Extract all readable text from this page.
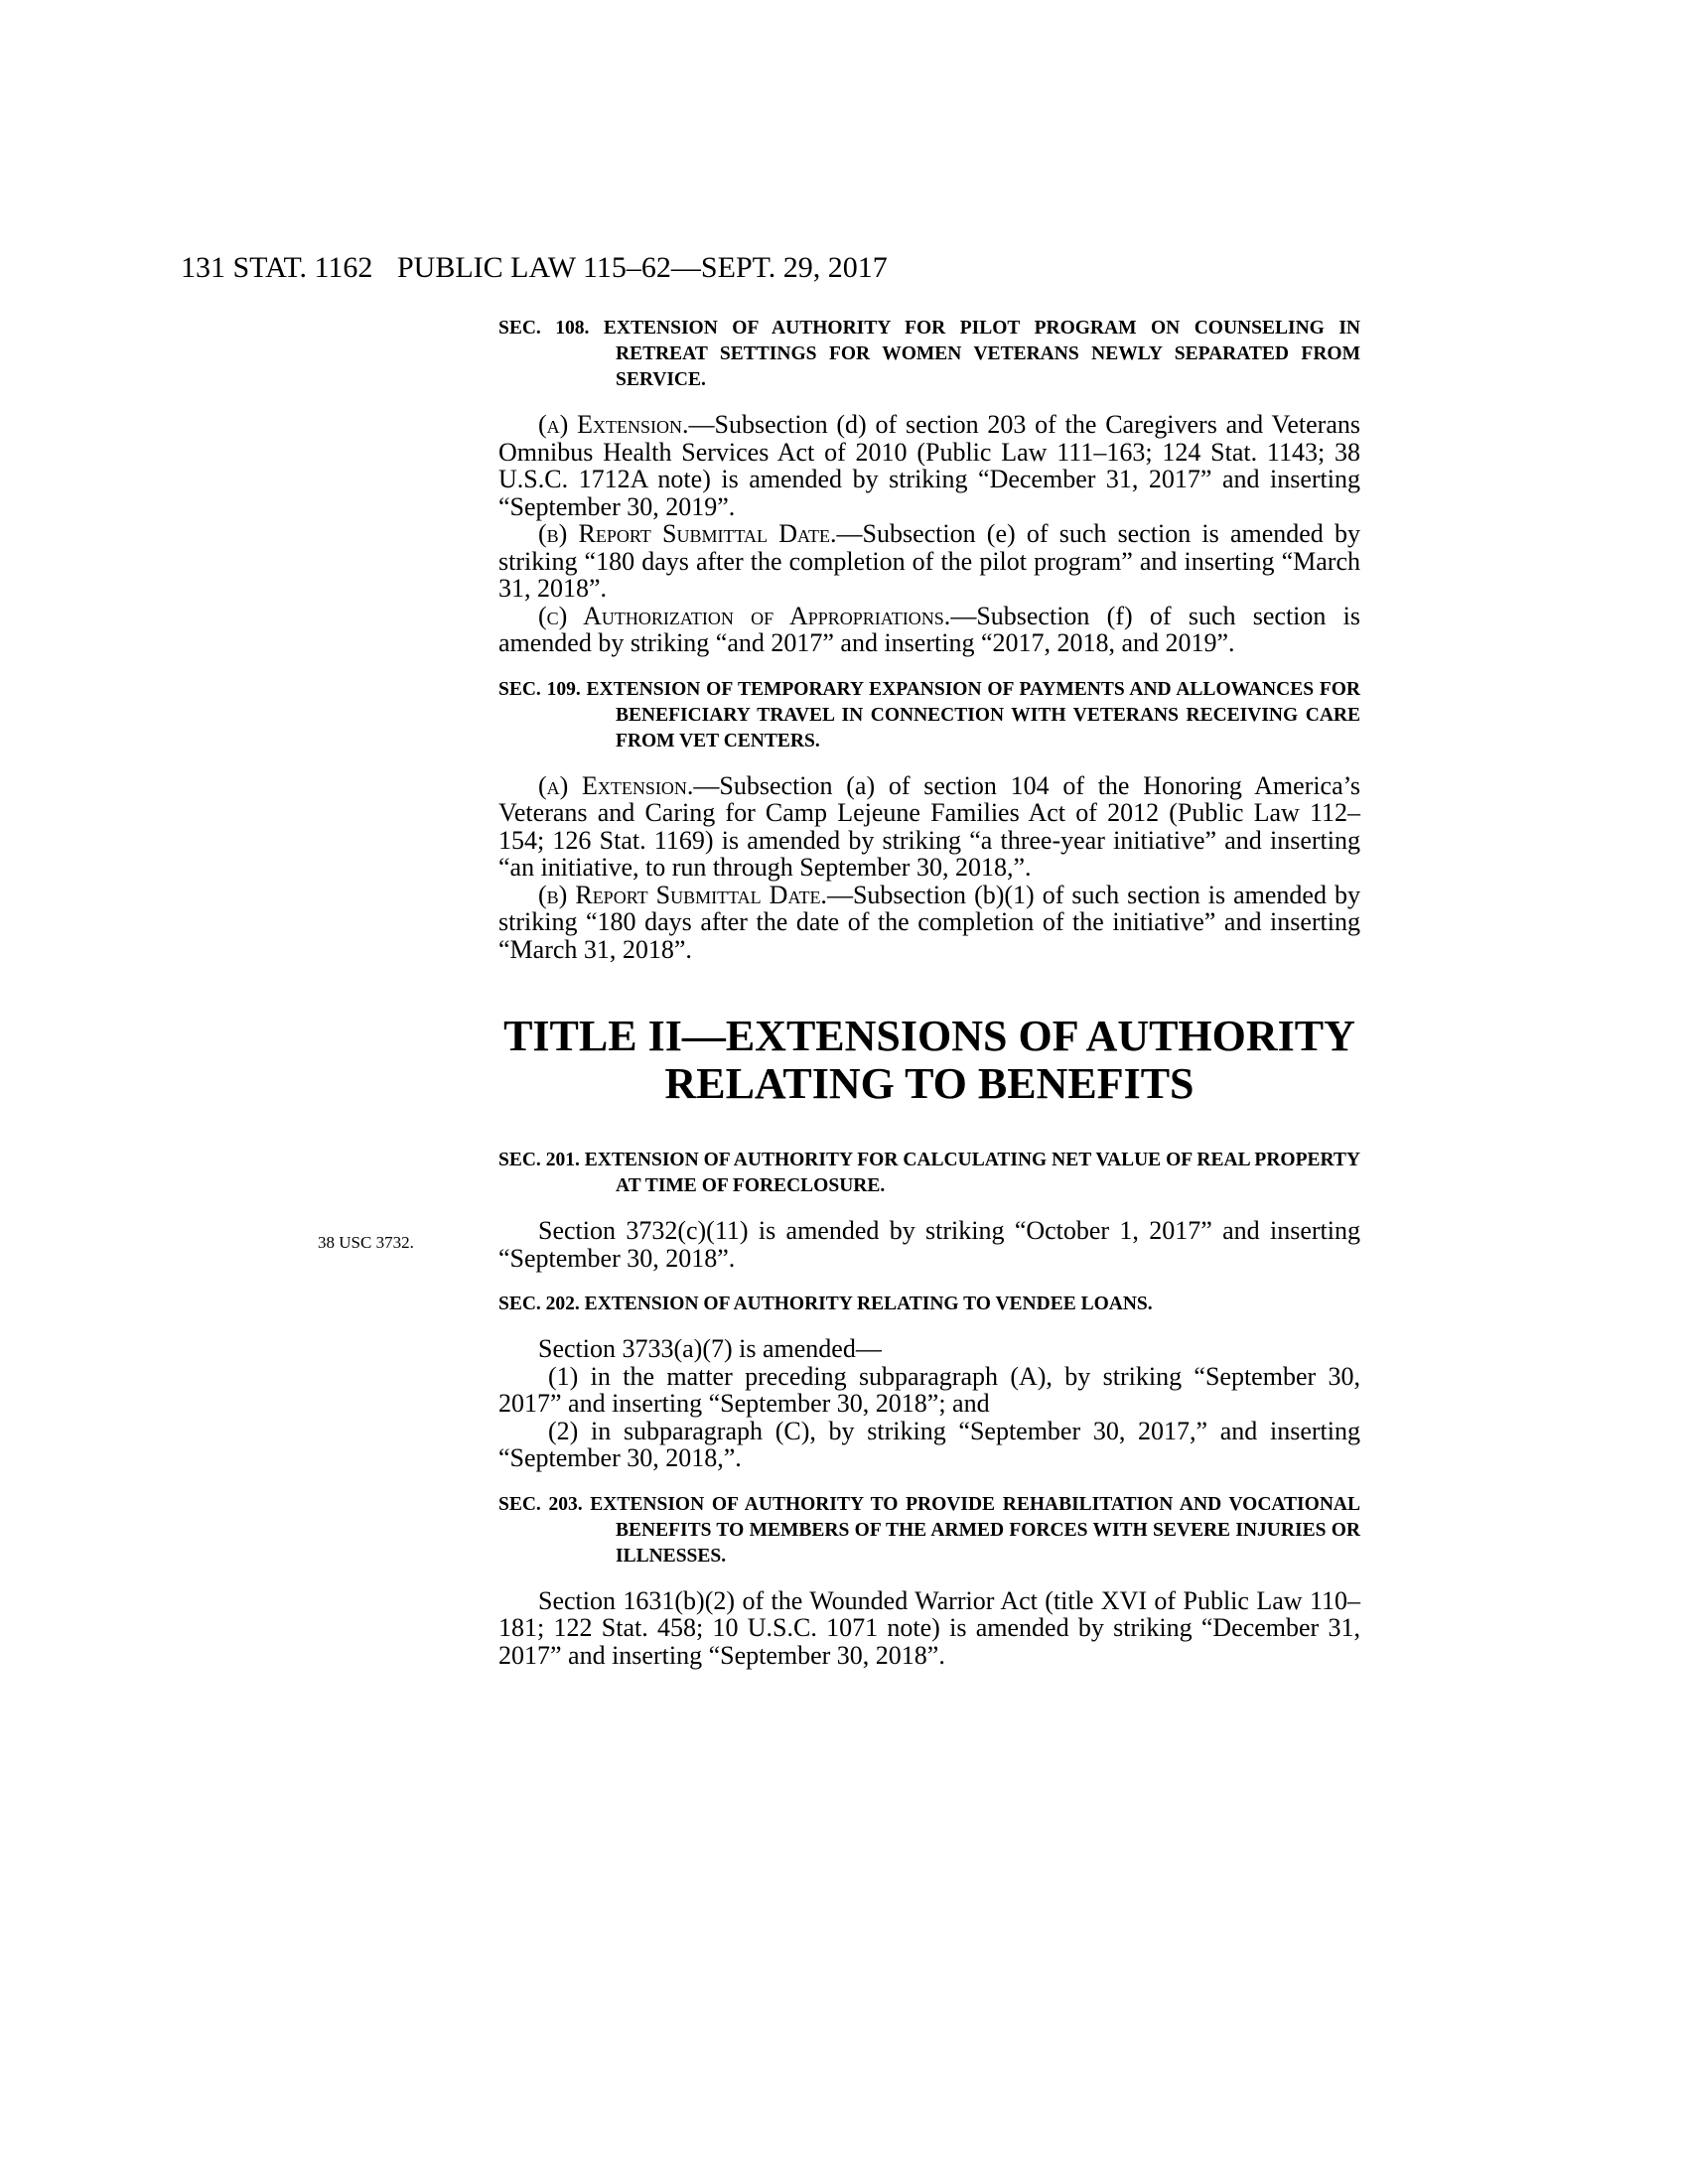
131 STAT. 1162 PUBLIC LAW 115–62—SEPT. 29, 2017
38 USC 3732.
SEC. 108. EXTENSION OF AUTHORITY FOR PILOT PROGRAM ON COUNSELING IN RETREAT SETTINGS FOR WOMEN VETERANS NEWLY SEPARATED FROM SERVICE.

(a) Extension.—Subsection (d) of section 203 of the Caregivers and Veterans Omnibus Health Services Act of 2010 (Public Law 111–163; 124 Stat. 1143; 38 U.S.C. 1712A note) is amended by striking “December 31, 2017” and inserting “September 30, 2019”.

(b) Report Submittal Date.—Subsection (e) of such section is amended by striking “180 days after the completion of the pilot program” and inserting “March 31, 2018”.

(c) Authorization of Appropriations.—Subsection (f) of such section is amended by striking “and 2017” and inserting “2017, 2018, and 2019”.

SEC. 109. EXTENSION OF TEMPORARY EXPANSION OF PAYMENTS AND ALLOWANCES FOR BENEFICIARY TRAVEL IN CONNECTION WITH VETERANS RECEIVING CARE FROM VET CENTERS.

(a) Extension.—Subsection (a) of section 104 of the Honoring America’s Veterans and Caring for Camp Lejeune Families Act of 2012 (Public Law 112–154; 126 Stat. 1169) is amended by striking “a three-year initiative” and inserting “an initiative, to run through September 30, 2018,”.

(b) Report Submittal Date.—Subsection (b)(1) of such section is amended by striking “180 days after the date of the completion of the initiative” and inserting “March 31, 2018”.

TITLE II—EXTENSIONS OF AUTHORITY
RELATING TO BENEFITS
SEC. 201. EXTENSION OF AUTHORITY FOR CALCULATING NET VALUE OF REAL PROPERTY AT TIME OF FORECLOSURE.

Section 3732(c)(11) is amended by striking “October 1, 2017” and inserting “September 30, 2018”.

SEC. 202. EXTENSION OF AUTHORITY RELATING TO VENDEE LOANS.

Section 3733(a)(7) is amended—

(1) in the matter preceding subparagraph (A), by striking “September 30, 2017” and inserting “September 30, 2018”; and

(2) in subparagraph (C), by striking “September 30, 2017,” and inserting “September 30, 2018,”.

SEC. 203. EXTENSION OF AUTHORITY TO PROVIDE REHABILITATION AND VOCATIONAL BENEFITS TO MEMBERS OF THE ARMED FORCES WITH SEVERE INJURIES OR ILLNESSES.

Section 1631(b)(2) of the Wounded Warrior Act (title XVI of Public Law 110–181; 122 Stat. 458; 10 U.S.C. 1071 note) is amended by striking “December 31, 2017” and inserting “September 30, 2018”.
